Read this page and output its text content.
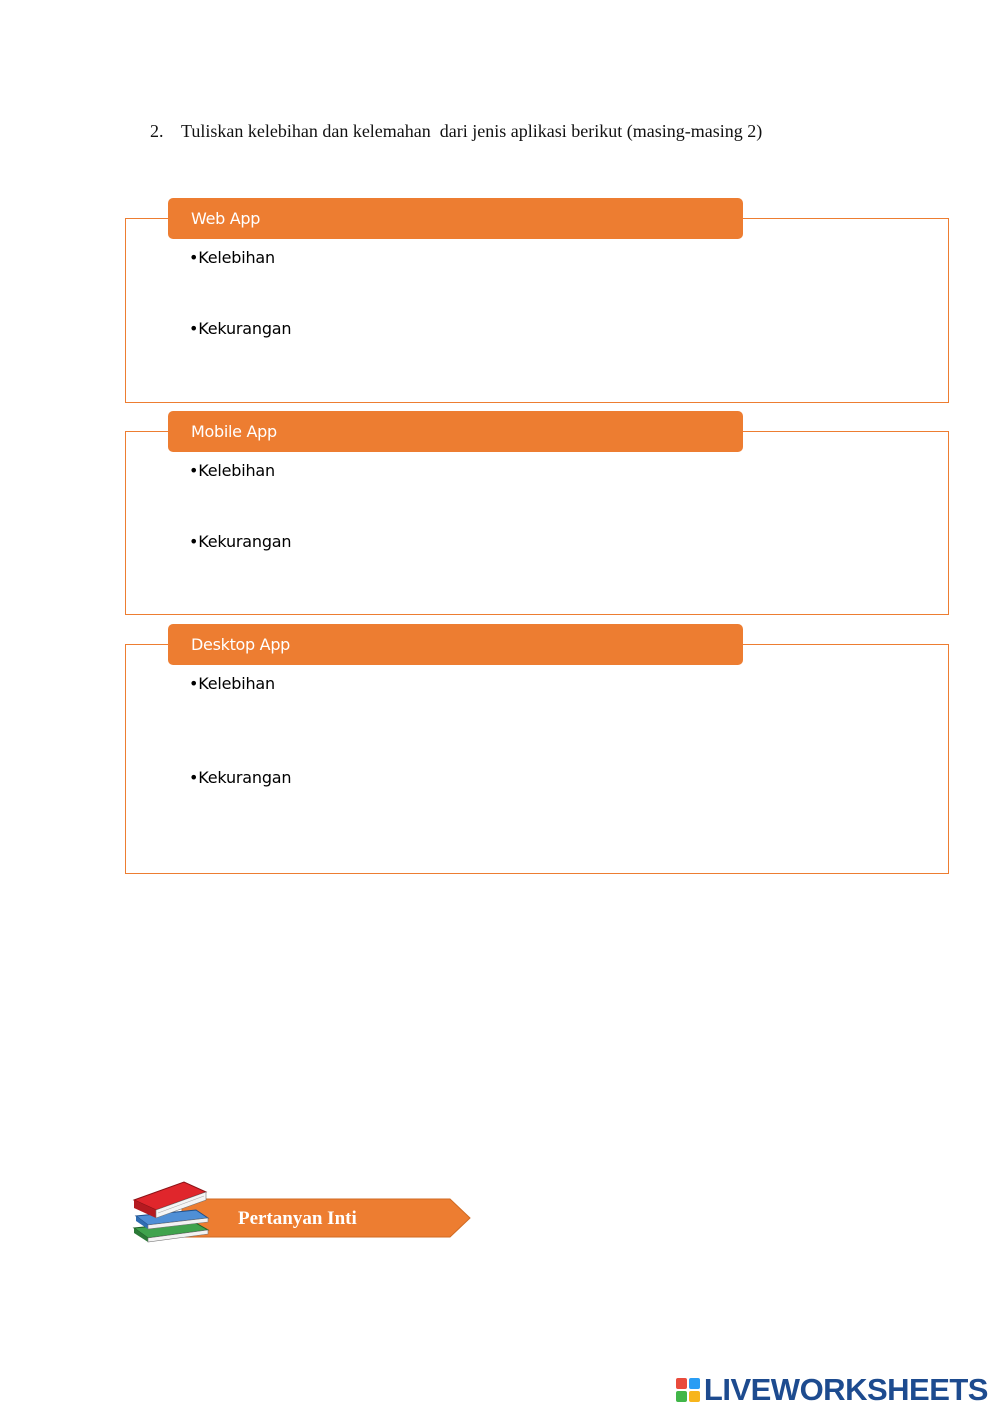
2. Tuliskan kelebihan dan kelemahan  dari jenis aplikasi berikut (masing-masing 2)
Web App
•Kelebihan
•Kekurangan
Mobile App
•Kelebihan
•Kekurangan
Desktop App
•Kelebihan
•Kekurangan
Pertanyan Inti
LIVEWORKSHEETS
